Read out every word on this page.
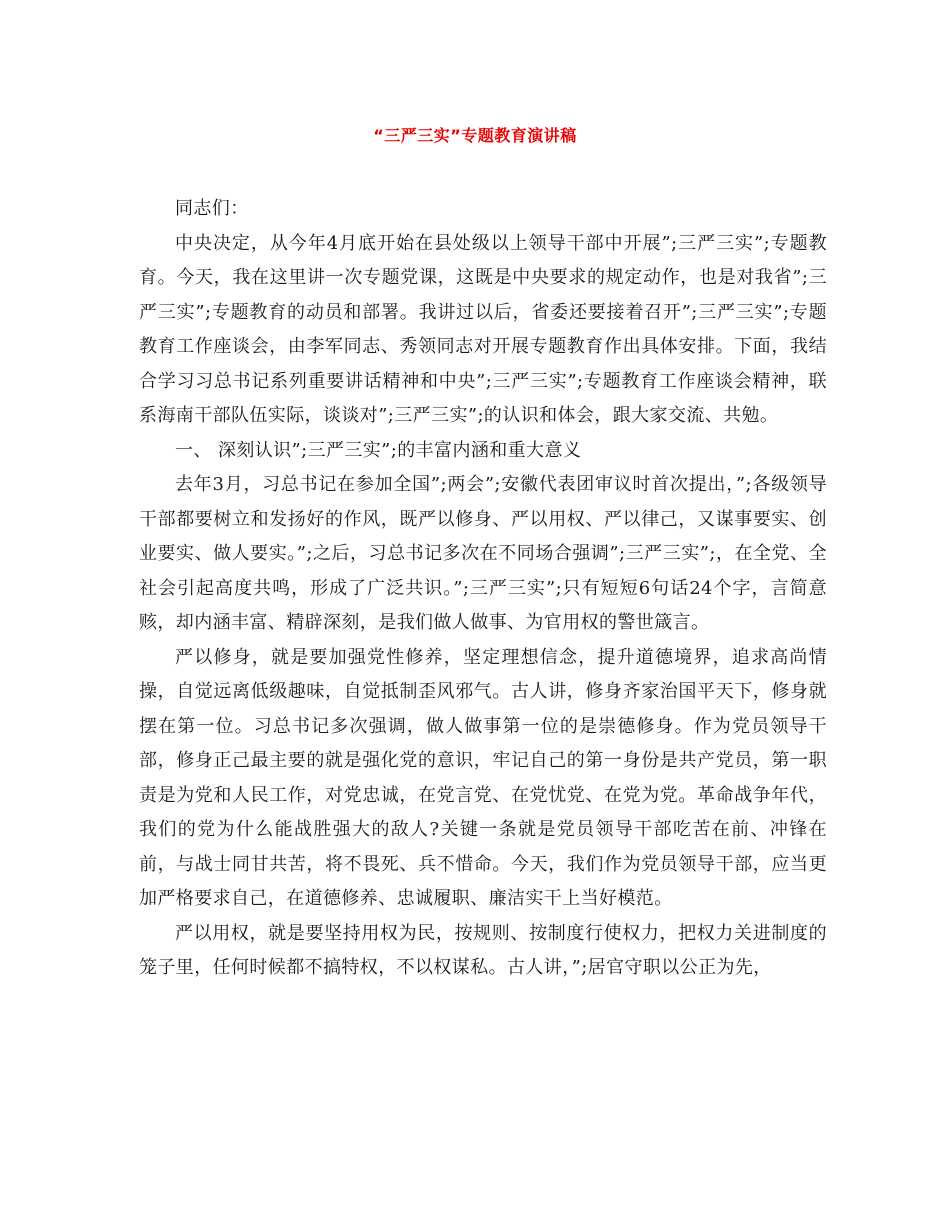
“三严三实”专题教育演讲稿

同志们：

中央决定，从今年4月底开始在县处级以上领导干部中开展”;三严三实”;专题教育。今天，我在这里讲一次专题党课，这既是中央要求的规定动作，也是对我省”;三严三实”;专题教育的动员和部署。我讲过以后，省委还要接着召开”;三严三实”;专题教育工作座谈会，由李军同志、秀领同志对开展专题教育作出具体安排。下面，我结合学习习总书记系列重要讲话精神和中央”;三严三实”;专题教育工作座谈会精神，联系海南干部队伍实际，谈谈对”;三严三实”;的认识和体会，跟大家交流、共勉。

一、 深刻认识”;三严三实”;的丰富内涵和重大意义

去年3月，习总书记在参加全国”;两会”;安徽代表团审议时首次提出，”;各级领导干部都要树立和发扬好的作风，既严以修身、严以用权、严以律己，又谋事要实、创业要实、做人要实。”;之后，习总书记多次在不同场合强调”;三严三实”;，在全党、全社会引起高度共鸣，形成了广泛共识。”;三严三实”;只有短短6句话24个字，言简意赅，却内涵丰富、精辟深刻，是我们做人做事、为官用权的警世箴言。

严以修身，就是要加强党性修养，坚定理想信念，提升道德境界，追求高尚情操，自觉远离低级趣味，自觉抵制歪风邪气。古人讲，修身齐家治国平天下，修身就摆在第一位。习总书记多次强调，做人做事第一位的是崇德修身。作为党员领导干部，修身正己最主要的就是强化党的意识，牢记自己的第一身份是共产党员，第一职责是为党和人民工作，对党忠诚，在党言党、在党忧党、在党为党。革命战争年代，我们的党为什么能战胜强大的敌人?关键一条就是党员领导干部吃苦在前、冲锋在前，与战士同甘共苦，将不畏死、兵不惜命。今天，我们作为党员领导干部，应当更加严格要求自己，在道德修养、忠诚履职、廉洁实干上当好模范。

严以用权，就是要坚持用权为民，按规则、按制度行使权力，把权力关进制度的笼子里，任何时候都不搞特权，不以权谋私。古人讲，”;居官守职以公正为先，
